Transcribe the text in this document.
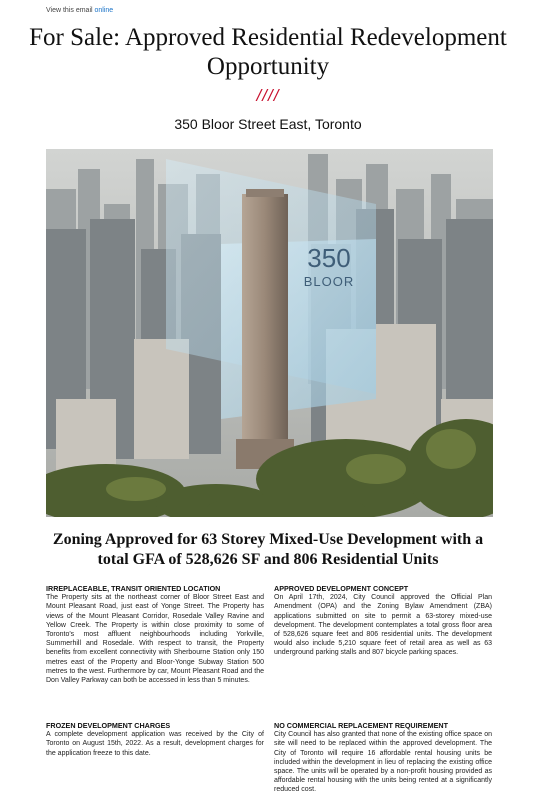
View this email online
For Sale: Approved Residential Redevelopment Opportunity
////
350 Bloor Street East, Toronto
350
BLOOR
Zoning Approved for 63 Storey Mixed-Use Development with a total GFA of 528,626 SF and 806 Residential Units
IRREPLACEABLE, TRANSIT ORIENTED LOCATION

The Property sits at the northeast corner of Bloor Street East and Mount Pleasant Road, just east of Yonge Street. The Property has views of the Mount Pleasant Corridor, Rosedale Valley Ravine and Yellow Creek. The Property is within close proximity to some of Toronto's most affluent neighbourhoods including Yorkville, Summerhill and Rosedale. With respect to transit, the Property benefits from excellent connectivity with Sherbourne Station only 150 metres east of the Property and Bloor-Yonge Subway Station 500 metres to the west. Furthermore by car, Mount Pleasant Road and the Don Valley Parkway can both be accessed in less than 5 minutes.

APPROVED DEVELOPMENT CONCEPT

On April 17th, 2024, City Council approved the Official Plan Amendment (OPA) and the Zoning Bylaw Amendment (ZBA) applications submitted on site to permit a 63-storey mixed-use development. The development contemplates a total gross floor area of 528,626 square feet and 806 residential units. The development would also include 5,210 square feet of retail area as well as 63 underground parking stalls and 807 bicycle parking spaces.

FROZEN DEVELOPMENT CHARGES

A complete development application was received by the City of Toronto on August 15th, 2022. As a result, development charges for the application freeze to this date.

NO COMMERCIAL REPLACEMENT REQUIREMENT

City Council has also granted that none of the existing office space on site will need to be replaced within the approved development. The City of Toronto will require 16 affordable rental housing units be included within the development in lieu of replacing the existing office space. The units will be operated by a non-profit housing provided as affordable rental housing with the units being rented at a significantly reduced cost.
